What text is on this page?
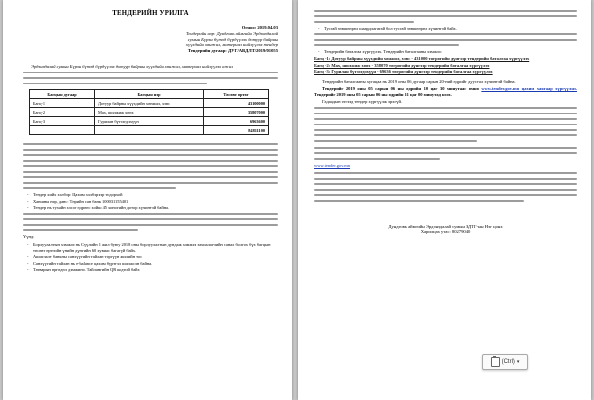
ТЕНДЕРИЙН УРИЛГА
Огноо: 2019.04.03
Тендерийн нэр: Дундговь аймгийн Эрдэнэдалай
сумын Бүрэн бүтэд бүрдүүлэх дотуур байрны
хүүхдийн хөнжил, материал нийлүүлэх тендер
Тендерийн дугаар: ДУГ/ABДЛТ/2019/01055
Эрдэнэдалай сумын Бүрэн бүтэд бүрдүүлэх дотуур байрны хүүхдийн хөнжил, материал нийлүүлэх ажил
Багцын дугаар	Багцын нэр	Төсөвт өртөг
Багц-1	Дотуур байрны хүүхдийн хөнжил, хэвс	43100000
Багц-2	Мах, шилжиж хөөх	35807000
Багц-3	Гурилан бүтээгдэхүүн	6963600
		84811100
- Тендер хийх хэлбэр: Цахим хэлбэрээр тодорхой
- Ханшны нэр, данс: Төрийн сан банк 100031155401
- Тендер нь тухайн хэсэг өдрөөс хойш 45 хоногийн дотор хүчинтэй байна.
Үүнд:
- Борлуулалтын хэмжээ нь Сүүлийн 1 жил буюу 2018 оны борлуулалтын дундаж хэмжээ захиалагчийн санал болгох бүх багцын төсөвт өртгийн үнийн дүнгийн 60 хувиас багагүй байх.
- Ашиглалт банкны санхүүгийн тайлан тэргүүн жилийн тос
- Санхүүгийн тайлан нь e-balance цахим бүртгэл шилжсэн байна.
- Татварын өргөдөл дэмжинэ. Тайлангийн QR кодтой байх
- Тусгай зөвшөөрөл шаардлагатай бол тусгай зөвшөөрөл хүчинтэй байх.
- Тендерийн баталгаа хүргүүлэх. Тендерийн баталгааны хэмжээ:
Багц -1: Дотуур байрны хүүхдийн хөнжил, хэвс - 431000 төгрөгийн дүнгээр тендерийн баталгаа хүргүүлэх
Багц -2: Мах, шилжиж хөөх - 358070 төгрөгийн дүнгээр тендерийн баталгаа хүргүүлэх
Багц -3: Гурилан бүтээгдэхүүн - 69636 төгрөгийн дүнгээр тендерийн баталгаа хүргүүлэх
Тендерийн баталгааны хугацаа нь 2019 оны 06 дугаар сарын 20-ний өдрийг дуустал хүчинтэй байна.
Тендерийг 2019 оны 05 сарын 06 ны өдрийн 10 цаг 30 минутаас өмнө www.tender.gov.mn цахим хаягаар хүргүүлнэ. Тендерийг 2019 оны 05 сарын 06 ны өдрийн 11 цаг 00 минутад нээх.
Гадаадын этгээд тендер хүргүүлж эрхгүй.
www.tender.gov.mn
Дундговь аймгийн Эрдэнэдалай сумын ЗДТГ-ын Нэг цонх
Харилцах утас: 80279040
(Ctrl) ▾
